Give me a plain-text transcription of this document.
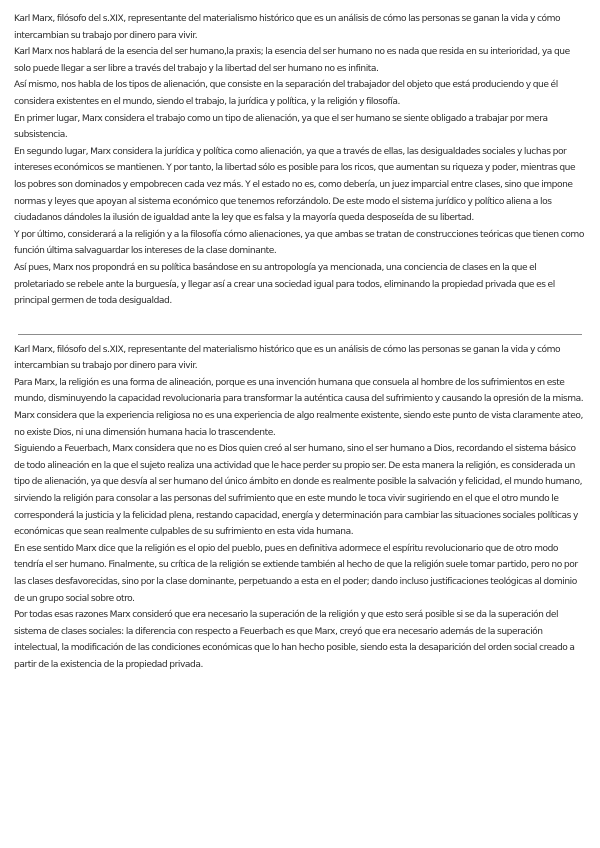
Karl Marx, filósofo del s.XIX, representante del materialismo histórico que es un análisis de cómo las personas se ganan la vida y cómo intercambian su trabajo por dinero para vivir.

Karl Marx nos hablará de la esencia del ser humano,la praxis; la esencia del ser humano no es nada que resida en su interioridad, ya que solo puede llegar a ser libre a través del trabajo y la libertad del ser humano no es infinita.

Así mismo, nos habla de los tipos de alienación, que consiste en la separación del trabajador del objeto que está produciendo y que él considera existentes en el mundo, siendo el trabajo, la jurídica y política, y la religión y filosofía.

En primer lugar, Marx considera el trabajo como un tipo de alienación, ya que el ser humano se siente obligado a trabajar por mera subsistencia.

En segundo lugar, Marx considera la jurídica y política como alienación, ya que a través de ellas, las desigualdades sociales y luchas por intereses económicos se mantienen. Y por tanto, la libertad sólo es posible para los ricos, que aumentan su riqueza y poder, mientras que los pobres son dominados y empobrecen cada vez más. Y el estado no es, como debería, un juez imparcial entre clases, sino que impone normas y leyes que apoyan al sistema económico que tenemos reforzándolo. De este modo el sistema jurídico y político aliena a los ciudadanos dándoles la ilusión de igualdad ante la ley que es falsa y la mayoría queda desposeída de su libertad.

Y por último, considerará a la religión y a la filosofía cómo alienaciones, ya que ambas se tratan de construcciones teóricas que tienen como función última salvaguardar los intereses de la clase dominante.

Así pues, Marx nos propondrá en su política basándose en su antropología ya mencionada, una conciencia de clases en la que el proletariado se rebele ante la burguesía, y llegar así a crear una sociedad igual para todos, eliminando la propiedad privada que es el principal germen de toda desigualdad.

Karl Marx, filósofo del s.XIX, representante del materialismo histórico que es un análisis de cómo las personas se ganan la vida y cómo intercambian su trabajo por dinero para vivir.

Para Marx, la religión es una forma de alineación, porque es una invención humana que consuela al hombre de los sufrimientos en este mundo, disminuyendo la capacidad revolucionaria para transformar la auténtica causa del sufrimiento y causando la opresión de la misma. Marx considera que la experiencia religiosa no es una experiencia de algo realmente existente, siendo este punto de vista claramente ateo, no existe Dios, ni una dimensión humana hacia lo trascendente.

Siguiendo a Feuerbach, Marx considera que no es Dios quien creó al ser humano, sino el ser humano a Dios, recordando el sistema básico de todo alineación en la que el sujeto realiza una actividad que le hace perder su propio ser. De esta manera la religión, es considerada un tipo de alienación, ya que desvía al ser humano del único ámbito en donde es realmente posible la salvación y felicidad, el mundo humano, sirviendo la religión para consolar a las personas del sufrimiento que en este mundo le toca vivir sugiriendo en el que el otro mundo le corresponderá la justicia y la felicidad plena, restando capacidad, energía y determinación para cambiar las situaciones sociales políticas y económicas que sean realmente culpables de su sufrimiento en esta vida humana.

En ese sentido Marx dice que la religión es el opio del pueblo, pues en definitiva adormece el espíritu revolucionario que de otro modo tendría el ser humano. Finalmente, su crítica de la religión se extiende también al hecho de que la religión suele tomar partido, pero no por las clases desfavorecidas, sino por la clase dominante, perpetuando a esta en el poder; dando incluso justificaciones teológicas al dominio de un grupo social sobre otro.

Por todas esas razones Marx consideró que era necesario la superación de la religión y que esto será posible si se da la superación del sistema de clases sociales: la diferencia con respecto a Feuerbach es que Marx, creyó que era necesario además de la superación intelectual, la modificación de las condiciones económicas que lo han hecho posible, siendo esta la desaparición del orden social creado a partir de la existencia de la propiedad privada.
